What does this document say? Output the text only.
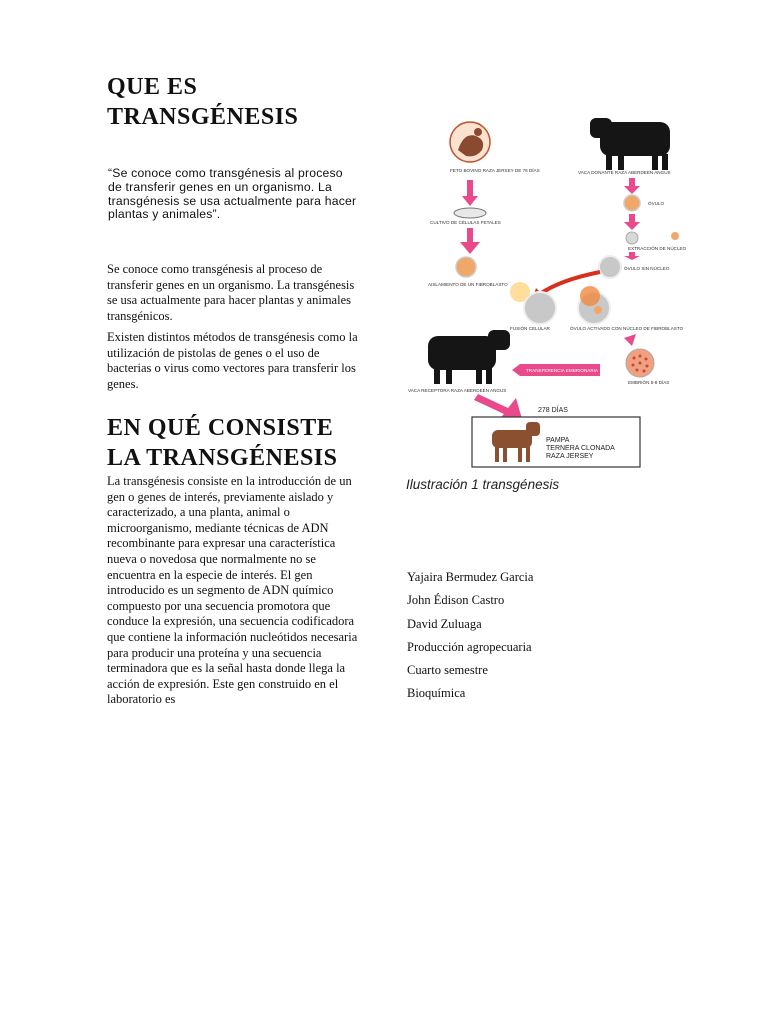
QUE ES
TRANSGÉNESIS
“Se conoce como transgénesis al proceso de transferir genes en un organismo. La transgénesis se usa actualmente para hacer plantas y animales”.
Se conoce como transgénesis al proceso de transferir genes en un organismo. La transgénesis se usa actualmente para hacer plantas y animales transgénicos.
Existen distintos métodos de transgénesis como la utilización de pistolas de genes o el uso de bacterias o virus como vectores para transferir los genes.
EN QUÉ CONSISTE
LA TRANSGÉNESIS
La transgénesis consiste en la introducción de un gen o genes de interés, previamente aislado y caracterizado, a una planta, animal o microorganismo, mediante técnicas de ADN recombinante para expresar una característica nueva o novedosa que normalmente no se encuentra en la especie de interés. El gen introducido es un segmento de ADN químico compuesto por una secuencia promotora que conduce la expresión, una secuencia codificadora que contiene la información nucleótidos necesaria para producir una proteína y una secuencia terminadora que es la señal hasta donde llega la acción de expresión. Este gen construido en el laboratorio es
FETO BOVINO RAZA JERSEY DE 76 DÍAS	VACA DONANTE RAZA ABERDEEN ANGUS
CULTIVO DE CÉLULAS FETALES
AISLAMIENTO DE UN FIBROBLASTO
ÓVULO
EXTRACCIÓN DE NÚCLEO
ÓVULO SIN NÚCLEO
FUSIÓN CELULAR	ÓVULO ACTIVADO CON NÚCLEO DE FIBROBLASTO
VACA RECEPTORA RAZA ABERDEEN ANGUS
TRANSFERENCIA EMBRIONARIA
EMBRIÓN 5-8 DÍAS
278 DÍAS
PAMPA
TERNERA CLONADA
RAZA JERSEY
Ilustración 1 transgénesis
Yajaira Bermudez Garcia
John Édison Castro
David Zuluaga
Producción agropecuaria
Cuarto semestre
Bioquímica
